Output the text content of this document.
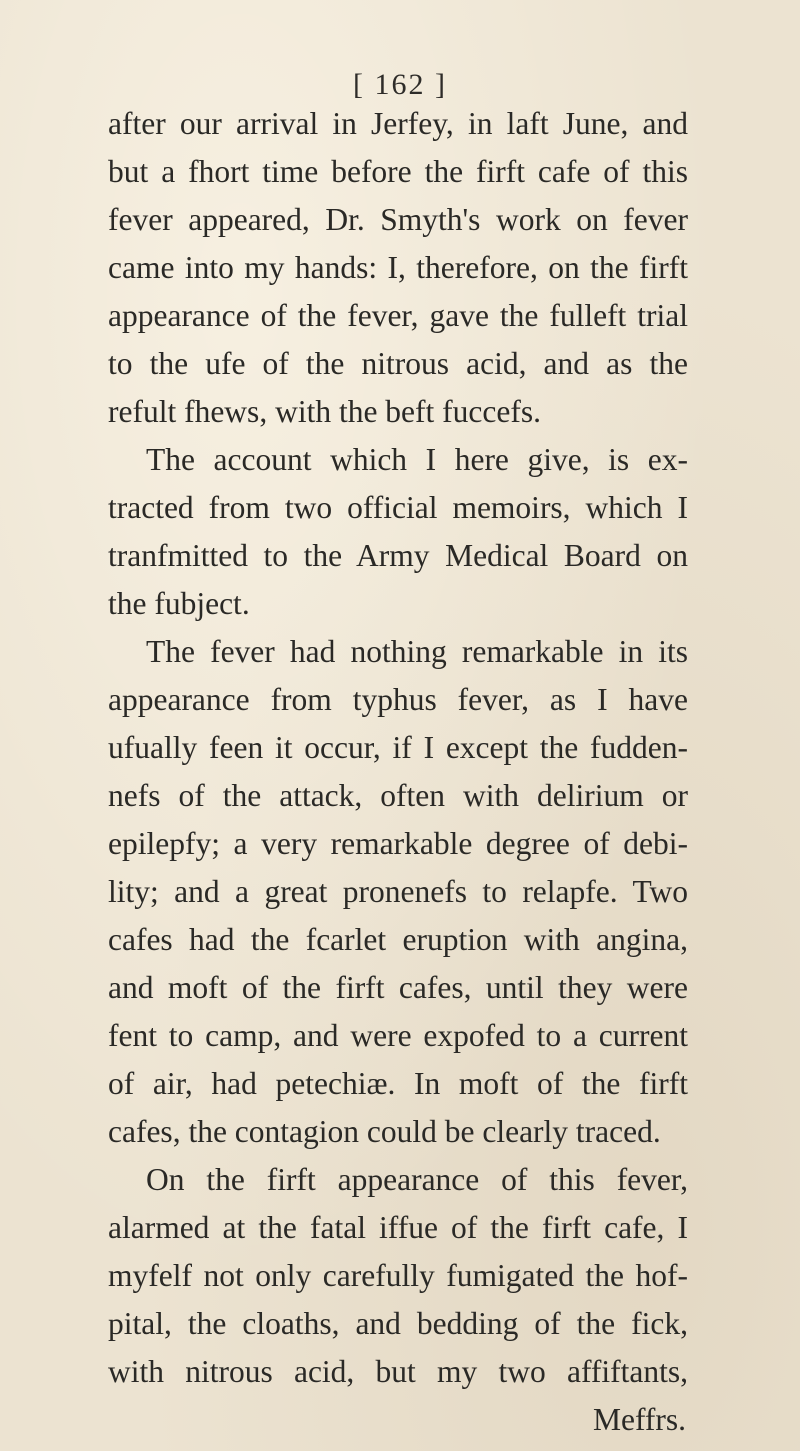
[ 162 ]
after our arrival in Jerfey, in laft June, and
but a fhort time before the firft cafe of this
fever appeared, Dr. Smyth's work on fever
came into my hands: I, therefore, on the firft
appearance of the fever, gave the fulleft trial
to the ufe of the nitrous acid, and as the
refult fhews, with the beft fuccefs.
The account which I here give, is ex-
tracted from two official memoirs, which I
tranfmitted to the Army Medical Board on
the fubject.
The fever had nothing remarkable in its
appearance from typhus fever, as I have
ufually feen it occur, if I except the fudden-
nefs of the attack, often with delirium or
epilepfy; a very remarkable degree of debi-
lity; and a great pronenefs to relapfe. Two
cafes had the fcarlet eruption with angina,
and moft of the firft cafes, until they were
fent to camp, and were expofed to a current
of air, had petechiæ. In moft of the firft
cafes, the contagion could be clearly traced.
On the firft appearance of this fever,
alarmed at the fatal iffue of the firft cafe, I
myfelf not only carefully fumigated the hof-
pital, the cloaths, and bedding of the fick,
with nitrous acid, but my two affiftants,
Meffrs.
